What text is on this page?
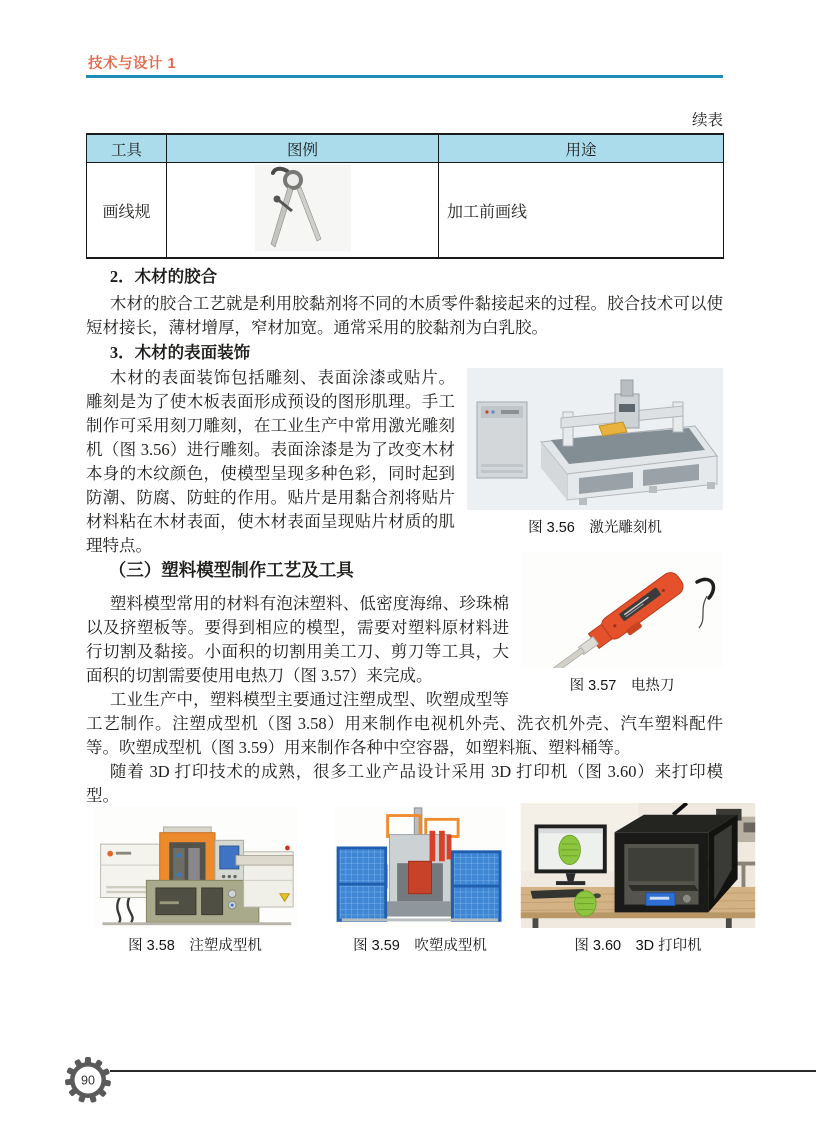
技术与设计 1
续表
工具	图例	用途
画线规		加工前画线
2．木材的胶合

木材的胶合工艺就是利用胶黏剂将不同的木质零件黏接起来的过程。胶合技术可以使短材接长，薄材增厚，窄材加宽。通常采用的胶黏剂为白乳胶。

3．木材的表面装饰
图 3.56　激光雕刻机

木材的表面装饰包括雕刻、表面涂漆或贴片。雕刻是为了使木板表面形成预设的图形肌理。手工制作可采用刻刀雕刻，在工业生产中常用激光雕刻机（图 3.56）进行雕刻。表面涂漆是为了改变木材本身的木纹颜色，使模型呈现多种色彩，同时起到防潮、防腐、防蛀的作用。贴片是用黏合剂将贴片材料粘在木材表面，使木材表面呈现贴片材质的肌理特点。

图 3.57　电热刀
（三）塑料模型制作工艺及工具

塑料模型常用的材料有泡沫塑料、低密度海绵、珍珠棉以及挤塑板等。要得到相应的模型，需要对塑料原材料进行切割及黏接。小面积的切割用美工刀、剪刀等工具，大面积的切割需要使用电热刀（图 3.57）来完成。

工业生产中，塑料模型主要通过注塑成型、吹塑成型等工艺制作。注塑成型机（图 3.58）用来制作电视机外壳、洗衣机外壳、汽车塑料配件等。吹塑成型机（图 3.59）用来制作各种中空容器，如塑料瓶、塑料桶等。

随着 3D 打印技术的成熟，很多工业产品设计采用 3D 打印机（图 3.60）来打印模型。

图 3.58　注塑成型机	图 3.59　吹塑成型机	图 3.60　3D 打印机
90
